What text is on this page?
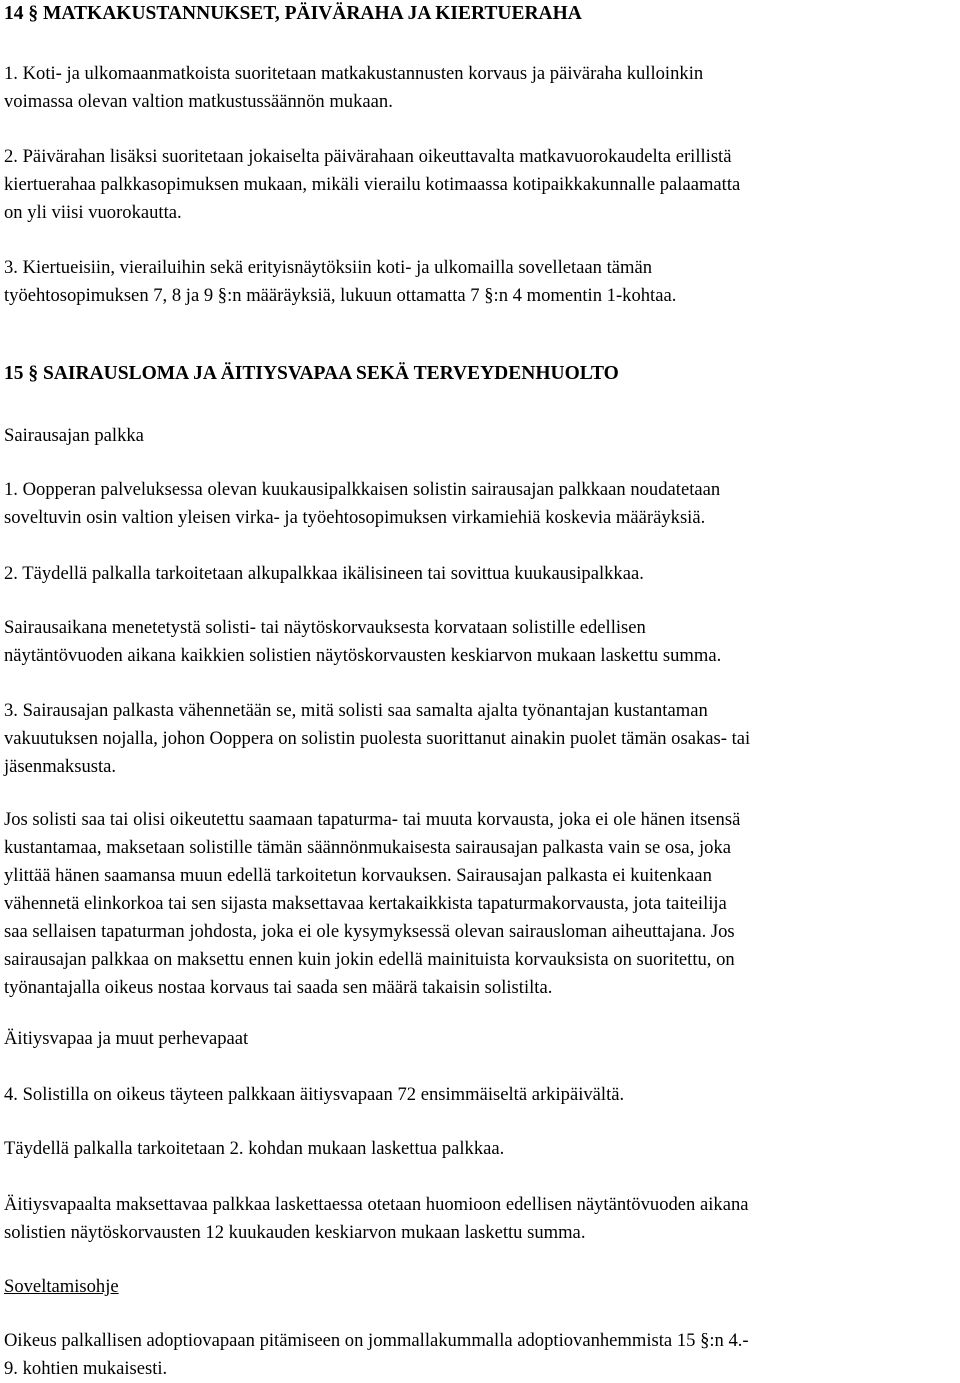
14 § MATKAKUSTANNUKSET, PÄIVÄRAHA JA KIERTUERAHA
1. Koti- ja ulkomaanmatkoista suoritetaan matkakustannusten korvaus ja päiväraha kulloinkin
voimassa olevan valtion matkustussäännön mukaan.
2. Päivärahan lisäksi suoritetaan jokaiselta päivärahaan oikeuttavalta matkavuorokaudelta erillistä
kiertuerahaa palkkasopimuksen mukaan, mikäli vierailu kotimaassa kotipaikkakunnalle palaamatta
on yli viisi vuorokautta.
3. Kiertueisiin, vierailuihin sekä erityisnäytöksiin koti- ja ulkomailla sovelletaan tämän
työehtosopimuksen 7, 8 ja 9 §:n määräyksiä, lukuun ottamatta 7 §:n 4 momentin 1-kohtaa.
15 § SAIRAUSLOMA JA ÄITIYSVAPAA SEKÄ TERVEYDENHUOLTO
Sairausajan palkka
1. Oopperan palveluksessa olevan kuukausipalkkaisen solistin sairausajan palkkaan noudatetaan
soveltuvin osin valtion yleisen virka- ja työehtosopimuksen virkamiehiä koskevia määräyksiä.
2. Täydellä palkalla tarkoitetaan alkupalkkaa ikälisineen tai sovittua kuukausipalkkaa.
Sairausaikana menetetystä solisti- tai näytöskorvauksesta korvataan solistille edellisen
näytäntövuoden aikana kaikkien solistien näytöskorvausten keskiarvon mukaan laskettu summa.
3. Sairausajan palkasta vähennetään se, mitä solisti saa samalta ajalta työnantajan kustantaman
vakuutuksen nojalla, johon Ooppera on solistin puolesta suorittanut ainakin puolet tämän osakas- tai
jäsenmaksusta.
Jos solisti saa tai olisi oikeutettu saamaan tapaturma- tai muuta korvausta, joka ei ole hänen itsensä
kustantamaa, maksetaan solistille tämän säännönmukaisesta sairausajan palkasta vain se osa, joka
ylittää hänen saamansa muun edellä tarkoitetun korvauksen. Sairausajan palkasta ei kuitenkaan
vähennetä elinkorkoa tai sen sijasta maksettavaa kertakaikkista tapaturmakorvausta, jota taiteilija
saa sellaisen tapaturman johdosta, joka ei ole kysymyksessä olevan sairausloman aiheuttajana. Jos
sairausajan palkkaa on maksettu ennen kuin jokin edellä mainituista korvauksista on suoritettu, on
työnantajalla oikeus nostaa korvaus tai saada sen määrä takaisin solistilta.
Äitiysvapaa ja muut perhevapaat
4. Solistilla on oikeus täyteen palkkaan äitiysvapaan 72 ensimmäiseltä arkipäivältä.
Täydellä palkalla tarkoitetaan 2. kohdan mukaan laskettua palkkaa.
Äitiysvapaalta maksettavaa palkkaa laskettaessa otetaan huomioon edellisen näytäntövuoden aikana
solistien näytöskorvausten 12 kuukauden keskiarvon mukaan laskettu summa.
Soveltamisohje
Oikeus palkallisen adoptiovapaan pitämiseen on jommallakummalla adoptiovanhemmista 15 §:n 4.-
9. kohtien mukaisesti.
